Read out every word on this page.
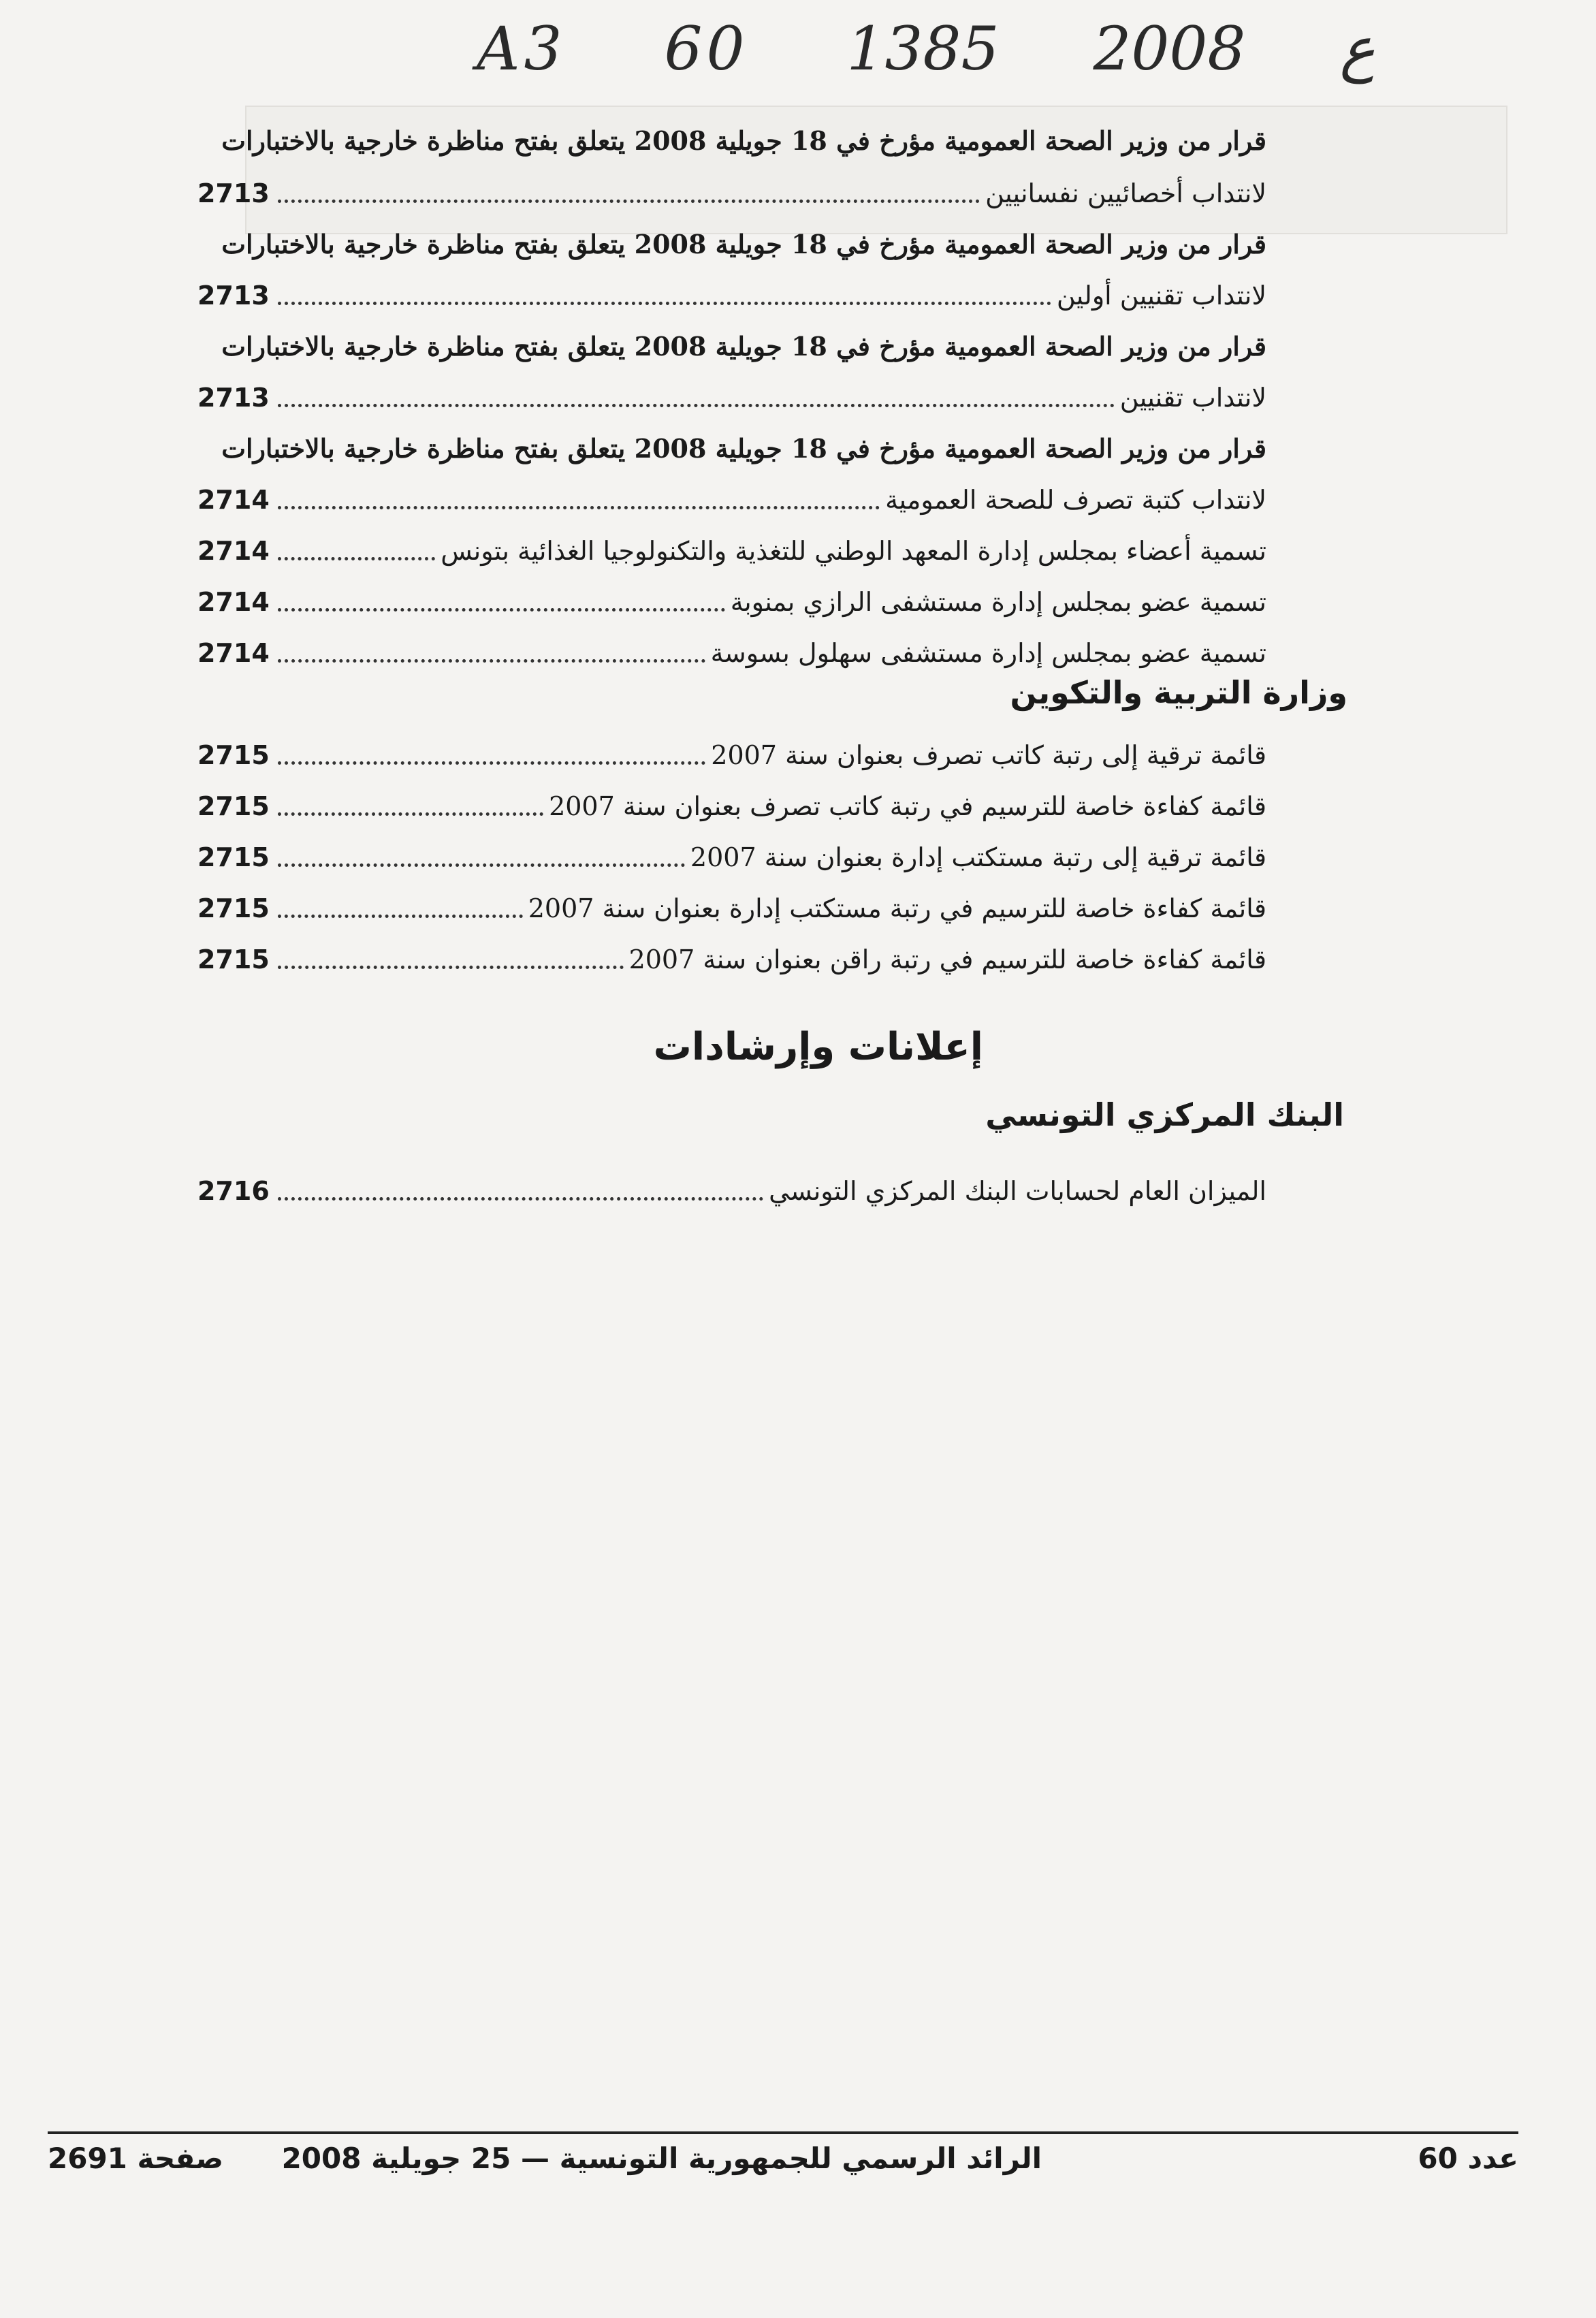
A3 60	ع 2008 1385
قرار من وزير الصحة العمومية مؤرخ في 18 جويلية 2008 يتعلق بفتح مناظرة خارجية بالاختبارات
لانتداب أخصائيين نفسانيين
2713
قرار من وزير الصحة العمومية مؤرخ في 18 جويلية 2008 يتعلق بفتح مناظرة خارجية بالاختبارات
لانتداب تقنيين أولين
2713
قرار من وزير الصحة العمومية مؤرخ في 18 جويلية 2008 يتعلق بفتح مناظرة خارجية بالاختبارات
لانتداب تقنيين
2713
قرار من وزير الصحة العمومية مؤرخ في 18 جويلية 2008 يتعلق بفتح مناظرة خارجية بالاختبارات
لانتداب كتبة تصرف للصحة العمومية
2714
تسمية أعضاء بمجلس إدارة المعهد الوطني للتغذية والتكنولوجيا الغذائية بتونس
2714
تسمية عضو بمجلس إدارة مستشفى الرازي بمنوبة
2714
تسمية عضو بمجلس إدارة مستشفى سهلول بسوسة
2714
قائمة ترقية إلى رتبة كاتب تصرف بعنوان سنة 2007
2715
قائمة كفاءة خاصة للترسيم في رتبة كاتب تصرف بعنوان سنة 2007
2715
قائمة ترقية إلى رتبة مستكتب إدارة بعنوان سنة 2007
2715
قائمة كفاءة خاصة للترسيم في رتبة مستكتب إدارة بعنوان سنة 2007
2715
قائمة كفاءة خاصة للترسيم في رتبة راقن بعنوان سنة 2007
2715
الميزان العام لحسابات البنك المركزي التونسي
2716
وزارة التربية والتكوين
إعلانات وإرشادات
البنك المركزي التونسي
عدد 60
الرائد الرسمي للجمهورية التونسية — 25 جويلية 2008
صفحة 2691
